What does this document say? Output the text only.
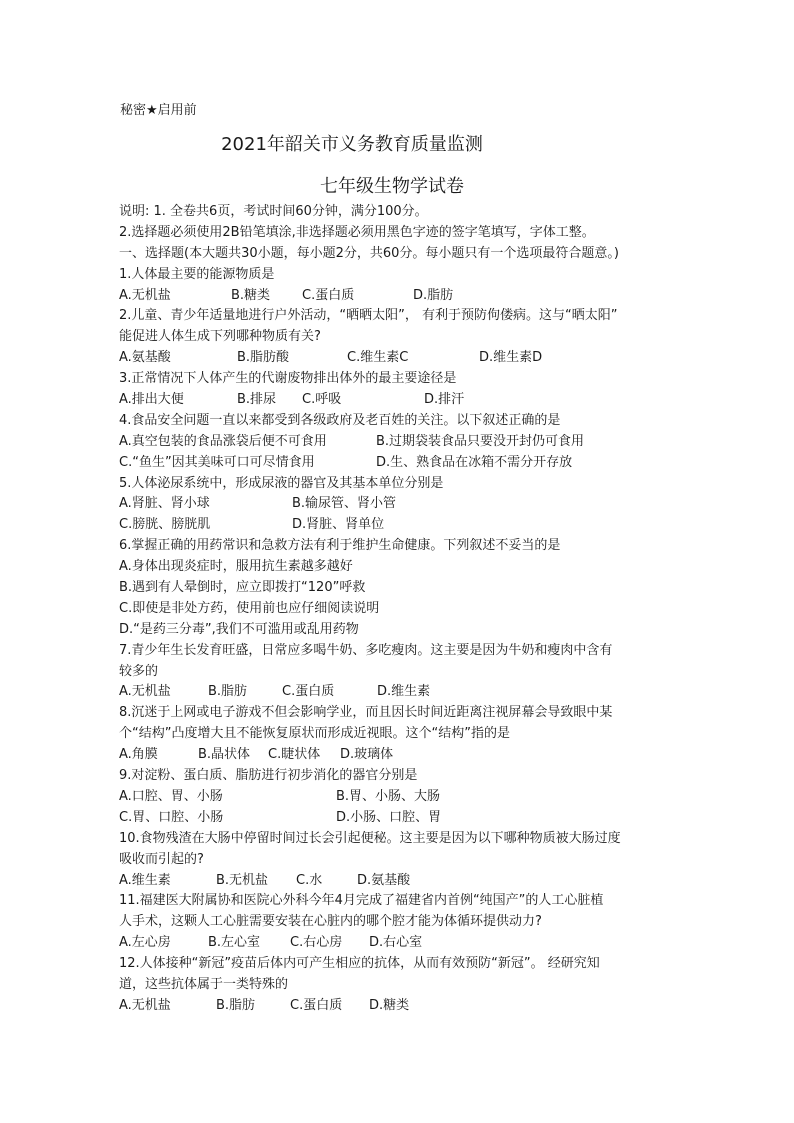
秘密★启用前
2021年韶关市义务教育质量监测
七年级生物学试卷
说明: 1. 全卷共6页，考试时间60分钟，满分100分。
2.选择题必须使用2B铅笔填涂,非选择题必须用黑色字迹的签字笔填写，字体工整。
一、选择题(本大题共30小题，每小题2分，共60分。每小题只有一个选项最符合题意。)
1.人体最主要的能源物质是
A.无机盐	B.糖类 C.蛋白质	D.脂肪
2.儿童、青少年适量地进行户外活动，“晒晒太阳”， 有利于预防佝偻病。这与“晒太阳”
能促进人体生成下列哪种物质有关?
A.氨基酸	B.脂肪酸	C.维生素C	D.维生素D
3.正常情况下人体产生的代谢废物排出体外的最主要途径是
A.排出大便	B.排尿 C.呼吸	D.排汗
4.食品安全问题一直以来都受到各级政府及老百姓的关注。以下叙述正确的是
A.真空包装的食品涨袋后便不可食用	B.过期袋装食品只要没开封仍可食用
C.“鱼生”因其美味可口可尽情食用	D.生、熟食品在冰箱不需分开存放
5.人体泌尿系统中，形成尿液的器官及其基本单位分别是
A.肾脏、肾小球	B.输尿管、肾小管
C.膀胱、膀胱肌	D.肾脏、肾单位
6.掌握正确的用药常识和急救方法有利于维护生命健康。下列叙述不妥当的是
A.身体出现炎症时，服用抗生素越多越好
B.遇到有人晕倒时，应立即拨打“120”呼救
C.即使是非处方药，使用前也应仔细阅读说明
D.“是药三分毒”,我们不可滥用或乱用药物
7.青少年生长发育旺盛，日常应多喝牛奶、多吃瘦肉。这主要是因为牛奶和瘦肉中含有
较多的
A.无机盐	B.脂肪	C.蛋白质	D.维生素
8.沉迷于上网或电子游戏不但会影响学业，而且因长时间近距离注视屏幕会导致眼中某
个“结构”凸度增大且不能恢复原状而形成近视眼。这个“结构”指的是
A.角膜	B.晶状体 C.睫状体 D.玻璃体
9.对淀粉、蛋白质、脂肪进行初步消化的器官分别是
A.口腔、胃、小肠	B.胃、小肠、大肠
C.胃、口腔、小肠	D.小肠、口腔、胃
10.食物残渣在大肠中停留时间过长会引起便秘。这主要是因为以下哪种物质被大肠过度
吸收而引起的?
A.维生素	B.无机盐 C.水	D.氨基酸
11.福建医大附属协和医院心外科今年4月完成了福建省内首例“纯国产”的人工心脏植
人手术，这颗人工心脏需要安装在心脏内的哪个腔才能为体循环提供动力?
A.左心房	B.左心室 C.右心房 D.右心室
12.人体接种“新冠”疫苗后体内可产生相应的抗体，从而有效预防“新冠”。 经研究知
道，这些抗体属于一类特殊的
A.无机盐	B.脂肪	C.蛋白质 D.糖类
